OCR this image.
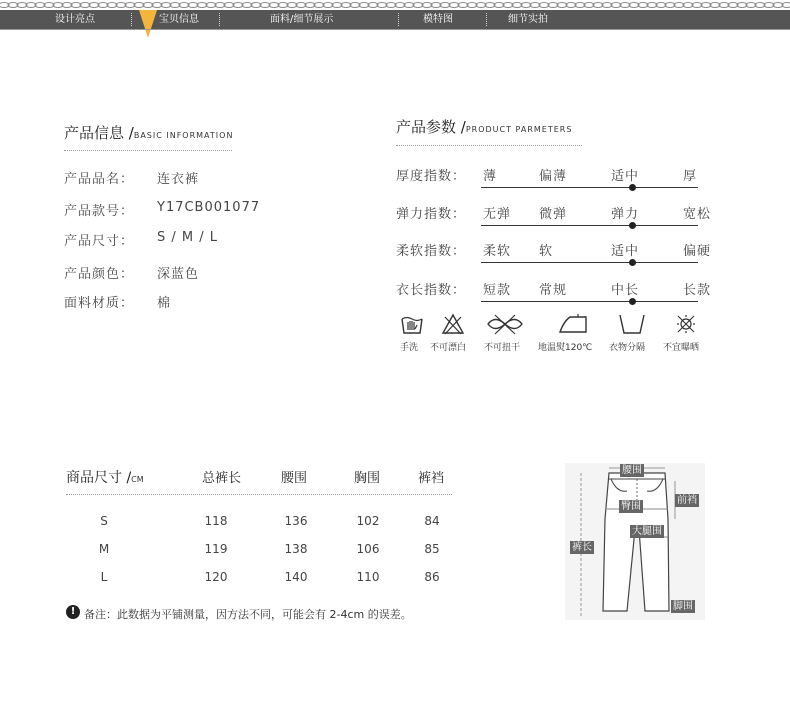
设计亮点	宝贝信息	面料/细节展示	模特图	细节实拍
产品信息 /BASIC INFORMATION
产品品名： 连衣裤
产品款号： Y17CB001077
产品尺寸： S / M / L
产品颜色： 深蓝色
面料材质： 棉
产品参数 /PRODUCT PARMETERS
厚度指数： 薄	偏薄	适中	厚
弹力指数： 无弹 微弹	弹力	宽松
柔软指数： 柔软 软	适中	偏硬
衣长指数： 短款 常规	中长	长款
手洗 不可漂白 不可扭干 地温熨120℃ 衣物分隔 不宜曝晒
商品尺寸 /CM	总裤长	腰围	胸围	裤裆
S	118	136	102	84
M	119	138	106	85
L	120	140	110	86
! 备注：此数据为平铺测量，因方法不同，可能会有 2-4cm 的误差。
腰围
臀围
前裆
大腿围
裤长
脚围
